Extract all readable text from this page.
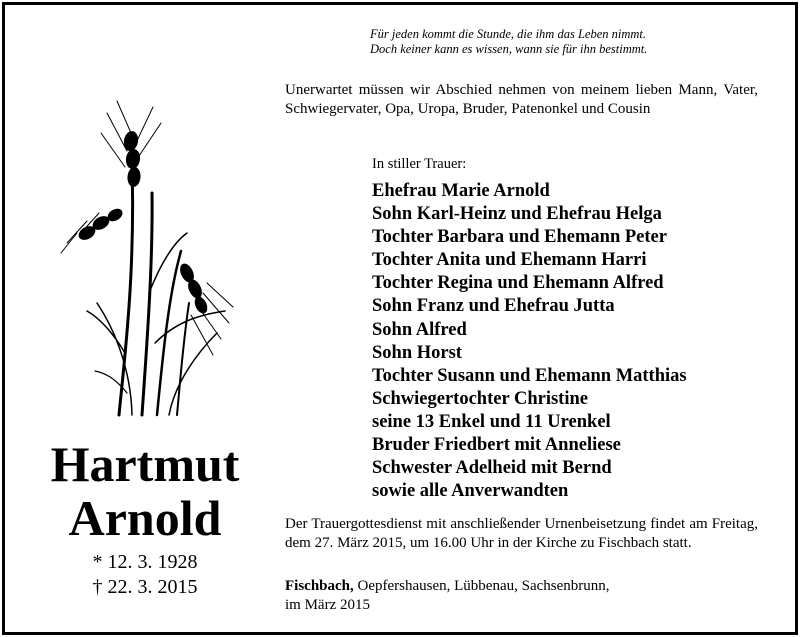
Für jeden kommt die Stunde, die ihm das Leben nimmt.
Doch keiner kann es wissen, wann sie für ihn bestimmt.
Unerwartet müssen wir Abschied nehmen von meinem lieben Mann, Vater, Schwiegervater, Opa, Uropa, Bruder, Patenonkel und Cousin
In stiller Trauer:
Ehefrau Marie Arnold
Sohn Karl-Heinz und Ehefrau Helga
Tochter Barbara und Ehemann Peter
Tochter Anita und Ehemann Harri
Tochter Regina und Ehemann Alfred
Sohn Franz und Ehefrau Jutta
Sohn Alfred
Sohn Horst
Tochter Susann und Ehemann Matthias
Schwiegertochter Christine
seine 13 Enkel und 11 Urenkel
Bruder Friedbert mit Anneliese
Schwester Adelheid mit Bernd
sowie alle Anverwandten
Der Trauergottesdienst mit anschließender Urnenbeisetzung findet am Freitag, dem 27. März 2015, um 16.00 Uhr in der Kirche zu Fischbach statt.
Fischbach, Oepfershausen, Lübbenau, Sachsenbrunn,
im März 2015
Hartmut
Arnold
* 12. 3. 1928
† 22. 3. 2015
